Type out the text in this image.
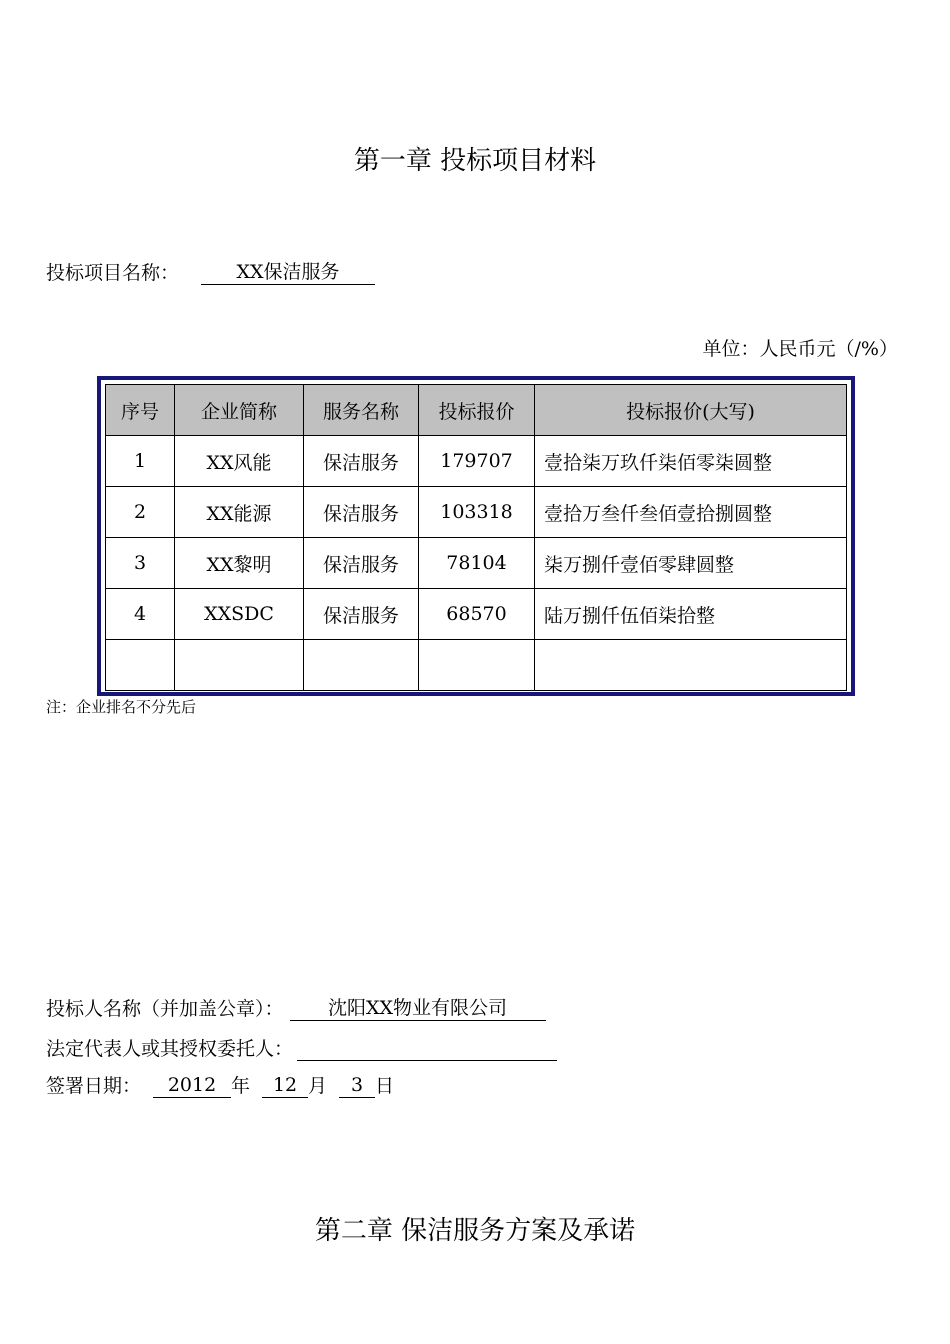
第一章 投标项目材料
投标项目名称：	XX保洁服务
单位：人民币元（/%）
序号	企业简称	服务名称	投标报价	投标报价(大写)
1	XX风能	保洁服务	179707	壹拾柒万玖仟柒佰零柒圆整
2	XX能源	保洁服务	103318	壹拾万叁仟叁佰壹拾捌圆整
3	XX黎明	保洁服务	78104	柒万捌仟壹佰零肆圆整
4	XXSDC	保洁服务	68570	陆万捌仟伍佰柒拾整

注：企业排名不分先后
投标人名称（并加盖公章）： 沈阳XX物业有限公司
法定代表人或其授权委托人：
签署日期： 2012 年 12 月 3 日
第二章 保洁服务方案及承诺
